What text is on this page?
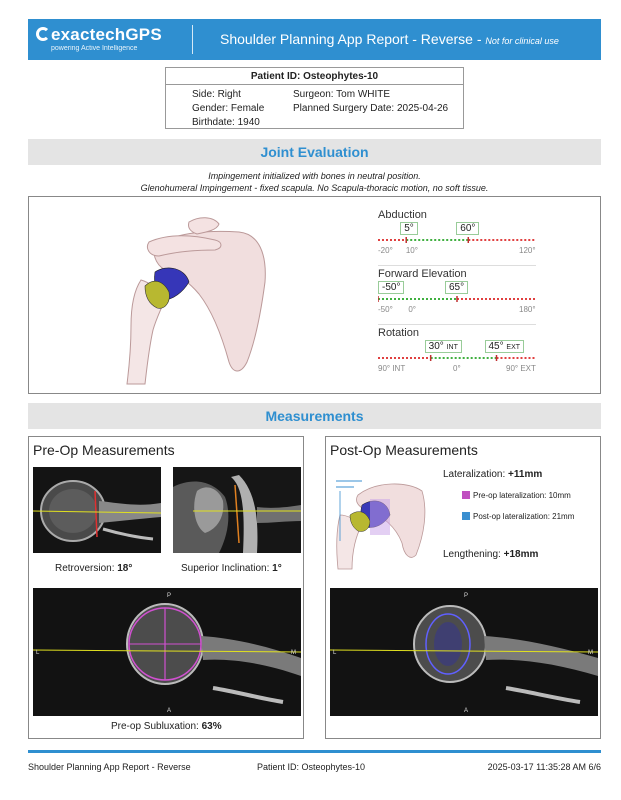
exactechGPS
powering Active Intelligence
Shoulder Planning App Report - Reverse - Not for clinical use
Patient ID: Osteophytes-10
Side: Right
Gender: Female
Birthdate: 1940
Surgeon: Tom WHITE
Planned Surgery Date: 2025-04-26
Joint Evaluation
Impingement initialized with bones in neutral position.
Glenohumeral Impingement - fixed scapula. No Scapula-thoracic motion, no soft tissue.
Abduction
5°	60°
-20° 10°	120°
Forward Elevation
-50°	65°
-50° 0°	180°
Rotation
30° INT	45° EXT
90° INT	0°	90° EXT
Measurements
Pre-Op Measurements
Retroversion: 18°	Superior Inclination: 1°
P
A
L	M
Pre-op Subluxation: 63%
Post-Op Measurements
Lateralization: +11mm
Pre-op lateralization: 10mm
Post-op lateralization: 21mm
Lengthening: +18mm
P
A
L	M
Shoulder Planning App Report - Reverse	Patient ID: Osteophytes-10	2025-03-17 11:35:28 AM 6/6
